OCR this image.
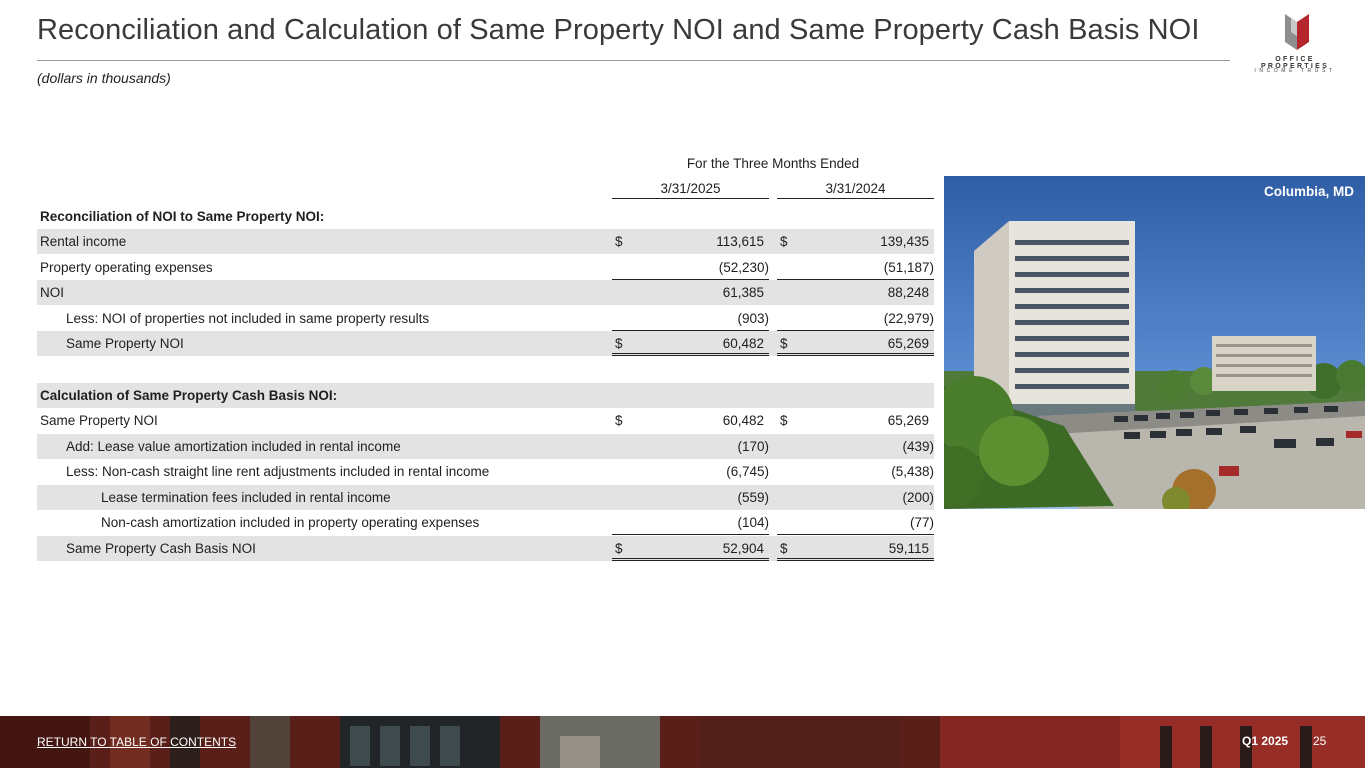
Reconciliation and Calculation of Same Property NOI and Same Property Cash Basis NOI
(dollars in thousands)
OFFICE PROPERTIES
INCOME TRUST
For the Three Months Ended
3/31/2025	3/31/2024
Reconciliation of NOI to Same Property NOI:
Rental income	$	113,615 $	139,435
Property operating expenses	(52,230)	(51,187)
NOI	61,385	88,248
Less: NOI of properties not included in same property results	(903)	(22,979)
Same Property NOI	$	60,482 $	65,269
Calculation of Same Property Cash Basis NOI:
Same Property NOI	$	60,482 $	65,269
Add: Lease value amortization included in rental income	(170)	(439)
Less: Non-cash straight line rent adjustments included in rental income	(6,745)	(5,438)
Lease termination fees included in rental income	(559)	(200)
Non-cash amortization included in property operating expenses	(104)	(77)
Same Property Cash Basis NOI	$	52,904 $	59,115
Columbia, MD
RETURN TO TABLE OF CONTENTS	Q1 2025 25
